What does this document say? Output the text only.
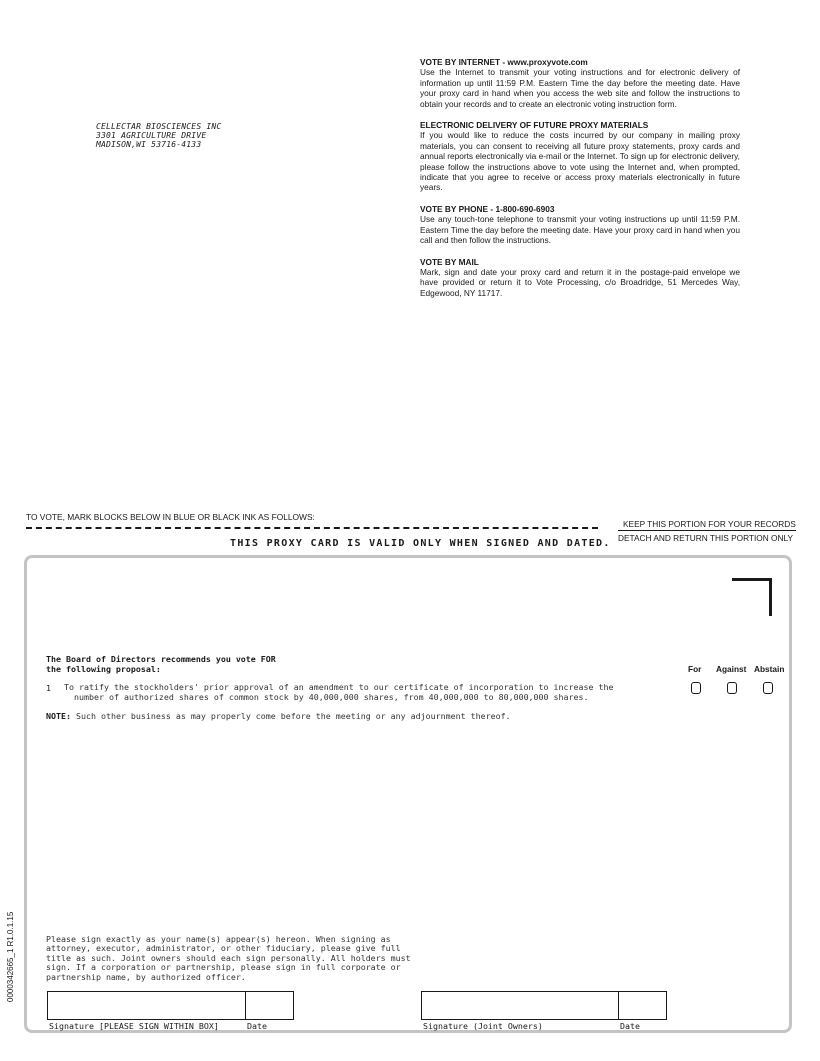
CELLECTAR BIOSCIENCES INC
3301 AGRICULTURE DRIVE
MADISON,WI 53716-4133
VOTE BY INTERNET - www.proxyvote.com
Use the Internet to transmit your voting instructions and for electronic delivery of information up until 11:59 P.M. Eastern Time the day before the meeting date. Have your proxy card in hand when you access the web site and follow the instructions to obtain your records and to create an electronic voting instruction form.
ELECTRONIC DELIVERY OF FUTURE PROXY MATERIALS
If you would like to reduce the costs incurred by our company in mailing proxy materials, you can consent to receiving all future proxy statements, proxy cards and annual reports electronically via e-mail or the Internet. To sign up for electronic delivery, please follow the instructions above to vote using the Internet and, when prompted, indicate that you agree to receive or access proxy materials electronically in future years.
VOTE BY PHONE - 1-800-690-6903
Use any touch-tone telephone to transmit your voting instructions up until 11:59 P.M. Eastern Time the day before the meeting date. Have your proxy card in hand when you call and then follow the instructions.
VOTE BY MAIL
Mark, sign and date your proxy card and return it in the postage-paid envelope we have provided or return it to Vote Processing, c/o Broadridge, 51 Mercedes Way, Edgewood, NY 11717.
TO VOTE, MARK BLOCKS BELOW IN BLUE OR BLACK INK AS FOLLOWS:
KEEP THIS PORTION FOR YOUR RECORDS
DETACH AND RETURN THIS PORTION ONLY
THIS PROXY CARD IS VALID ONLY WHEN SIGNED AND DATED.
The Board of Directors recommends you vote FOR
the following proposal:	For Against Abstain
1 To ratify the stockholders' prior approval of an amendment to our certificate of incorporation to increase the
number of authorized shares of common stock by 40,000,000 shares, from 40,000,000 to 80,000,000 shares.
NOTE: Such other business as may properly come before the meeting or any adjournment thereof.
Please sign exactly as your name(s) appear(s) hereon. When signing as
attorney, executor, administrator, or other fiduciary, please give full
title as such. Joint owners should each sign personally. All holders must
sign. If a corporation or partnership, please sign in full corporate or
partnership name, by authorized officer.
Signature [PLEASE SIGN WITHIN BOX]	Date	Signature (Joint Owners)	Date
0000342665_1 R1.0.1.15
